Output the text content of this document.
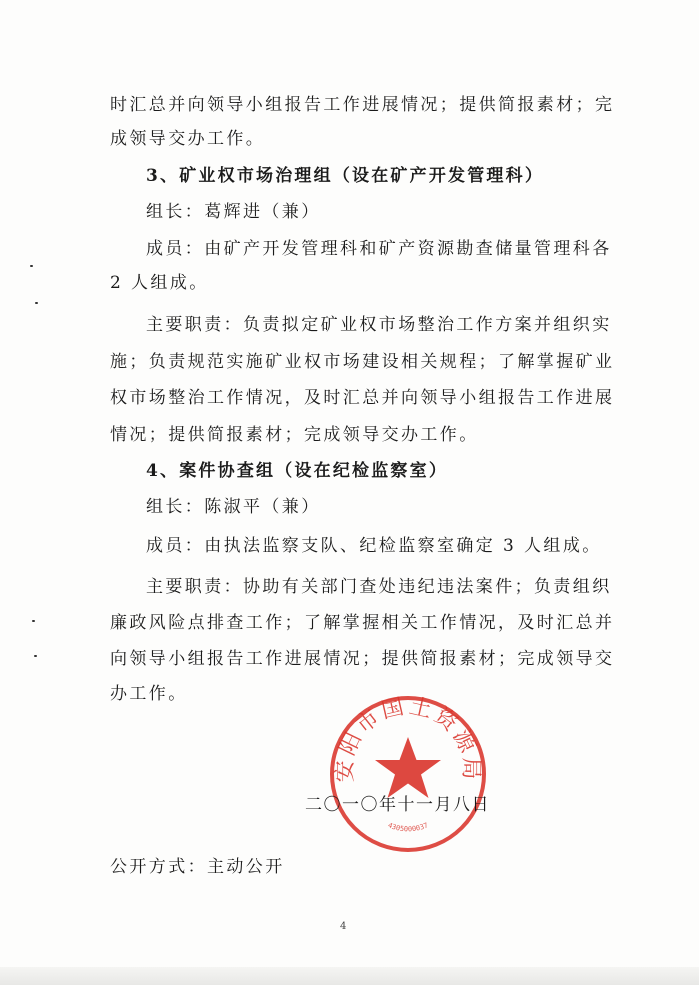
时汇总并向领导小组报告工作进展情况；提供简报素材；完
成领导交办工作。
3、矿业权市场治理组（设在矿产开发管理科）
组长：葛辉进（兼）
成员：由矿产开发管理科和矿产资源勘查储量管理科各
2 人组成。
主要职责：负责拟定矿业权市场整治工作方案并组织实
施；负责规范实施矿业权市场建设相关规程；了解掌握矿业
权市场整治工作情况，及时汇总并向领导小组报告工作进展
情况；提供简报素材；完成领导交办工作。
4、案件协查组（设在纪检监察室）
组长：陈淑平（兼）
成员：由执法监察支队、纪检监察室确定 3 人组成。
主要职责：协助有关部门查处违纪违法案件；负责组织
廉政风险点排查工作；了解掌握相关工作情况，及时汇总并
向领导小组报告工作进展情况；提供简报素材；完成领导交
办工作。
安阳市国土资源局
4305000037
二〇一〇年十一月八日
公开方式：主动公开
4
